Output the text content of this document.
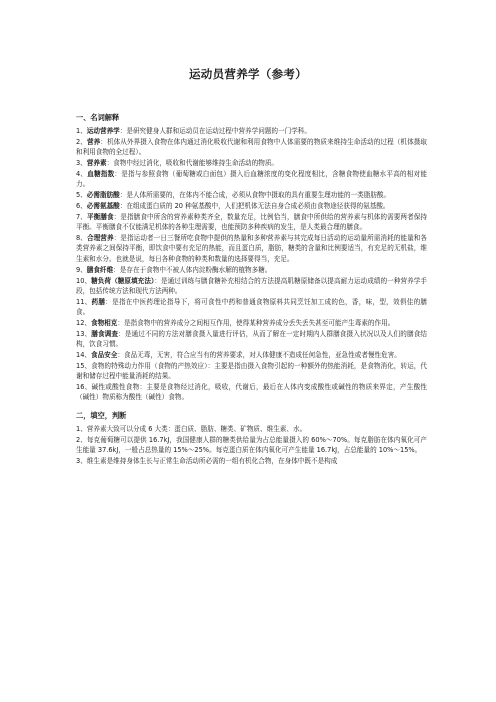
运动员营养学（参考）
一、名词解释
1、运动营养学：是研究健身人群和运动员在运动过程中营养学问题的一门学科。
2、营养：机体从外界摄入食物在体内通过消化吸收代谢和利用食物中人体需要的物质来维持生命活动的过程（机体摄取和利用食物的全过程）。
3、营养素：食物中经过消化，吸收和代谢能够维持生命活动的物质。
4、血糖指数：是指与参照食物（葡萄糖或白面包）摄入后血糖浓度的变化程度相比，含糖食物使血糖水平高的相对能力。
5、必需脂肪酸：是人体所需要的，在体内不能合成，必须从食物中摄取的具有重要生理功能的一类脂肪酸。
6、必需氨基酸：在组成蛋白质的 20 种氨基酸中，人们把机体无法自身合成必须由食物途径获得的氨基酸。
7、平衡膳食：是指膳食中所含的营养素种类齐全，数量充足，比例恰当，膳食中所供给的营养素与机体的需要两者保持平衡。平衡膳食不仅能满足机体的各种生理需要，也能预防多种疾病的发生，是人类最合理的膳食。
8、合理营养：是指运动者一日三餐所吃食物中提供的热量和多种营养素与其完成每日活动的运动量所需消耗的能量和各类营养素之间保持平衡，即饮食中要有充足的热能，而且蛋白质，脂肪，糖类的含量和比例要适当，有充足的无机盐，维生素和水分。也就是说，每日各种食物的种类和数量的选择要得当，充足。
9、膳食纤维：是存在于食物中不被人体内淀粉酶水解的植物多糖。
10、糖负荷（糖原填充法）：是通过训练与膳食糖补充相结合的方法提高肌糖原储备以提高耐力运动成绩的一种营养学手段，包括传统方法和现代方法两种。
11、药膳：是指在中医药理论指导下，将可食性中药和普通食物原料共同烹饪加工成的色，香，味，型，效俱佳的膳食。
12、食物相克：是指食物中的营养成分之间相互作用，使得某种营养成分丢失丢失甚至可能产生毒素的作用。
13、膳食调查：是通过不同的方法对膳食摄入量进行评估，从而了解在一定时期内人群膳食摄入状况以及人们的膳食结构，饮食习惯。
14、食品安全：食品无毒，无害，符合应当有的营养要求，对人体健康不造成任何急性，亚急性或者慢性危害。
15、食物的特殊动力作用（食物的产热效应）：主要是指由摄入食物引起的一种额外的热能消耗，是食物消化，转运，代谢和储存过程中能量消耗的结果。
16、碱性或酸性食物：主要是食物经过消化，吸收，代谢后，最后在人体内变成酸性或碱性的物质来界定，产生酸性（碱性）物质称为酸性（碱性）食物。
二，填空，判断
1、营养素大致可以分成 6 大类：蛋白质、脂肪、糖类、矿物质、维生素、水。
2、每克葡萄糖可以提供 16.7kJ，我国健康人群的糖类供给量为占总能量摄入的 60%～70%。每克脂肪在体内氧化可产生能量 37.6kJ，一般占总热量的 15%～25%。每克蛋白质在体内氧化可产生能量 16.7kJ，占总能量的 10%～15%。
3、维生素是维持身体生长与正常生命活动所必需的一组有机化合物，在身体中既不是构成
